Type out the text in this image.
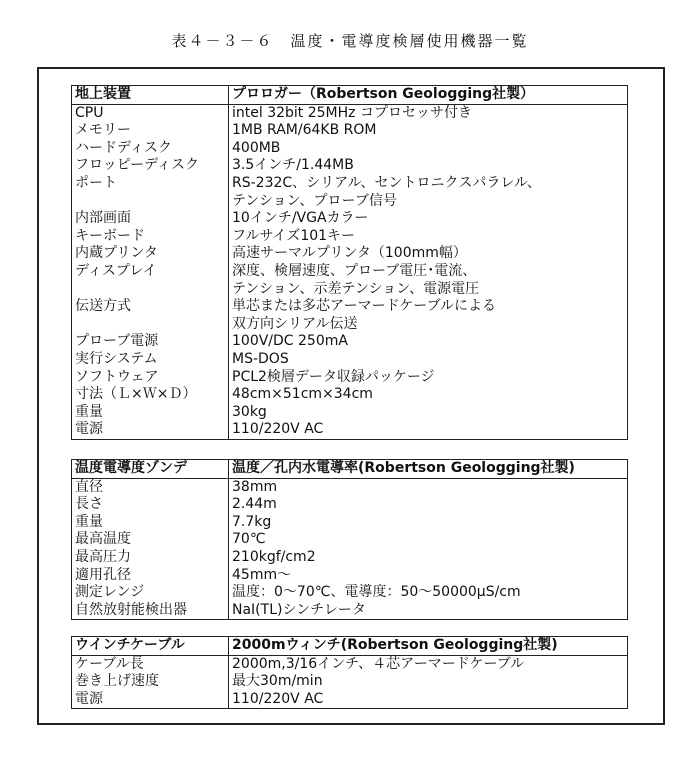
表４－３－６　温度・電導度検層使用機器一覧
地上装置	プロロガー（Robertson Geologging社製）
CPU	intel 32bit 25MHz コプロセッサ付き
メモリー	1MB RAM/64KB ROM
ハードディスク	400MB
フロッピーディスク	3.5インチ/1.44MB
ポート	RS-232C、シリアル、セントロニクスパラレル、
	テンション、プローブ信号
内部画面	10インチ/VGAカラー
キーボード	フルサイズ101キー
内蔵プリンタ	高速サーマルプリンタ（100mm幅）
ディスプレイ	深度、検層速度、プローブ電圧･電流、
	テンション、示差テンション、電源電圧
伝送方式	単芯または多芯アーマードケーブルによる
	双方向シリアル伝送
プローブ電源	100V/DC 250mA
実行システム	MS-DOS
ソフトウェア	PCL2検層データ収録パッケージ
寸法（Ｌ×Ｗ×Ｄ）	48cm×51cm×34cm
重量	30kg
電源	110/220V AC
温度電導度ゾンデ	温度／孔内水電導率(Robertson Geologging社製)
直径	38mm
長さ	2.44m
重量	7.7kg
最高温度	70℃
最高圧力	210kgf/cm2
適用孔径	45mm～
測定レンジ	温度：0～70℃、電導度：50～50000μS/cm
自然放射能検出器	NaI(TL)シンチレータ
ウインチケーブル	2000mウィンチ(Robertson Geologging社製)
ケーブル長	2000m,3/16インチ、４芯アーマードケーブル
巻き上げ速度	最大30m/min
電源	110/220V AC
